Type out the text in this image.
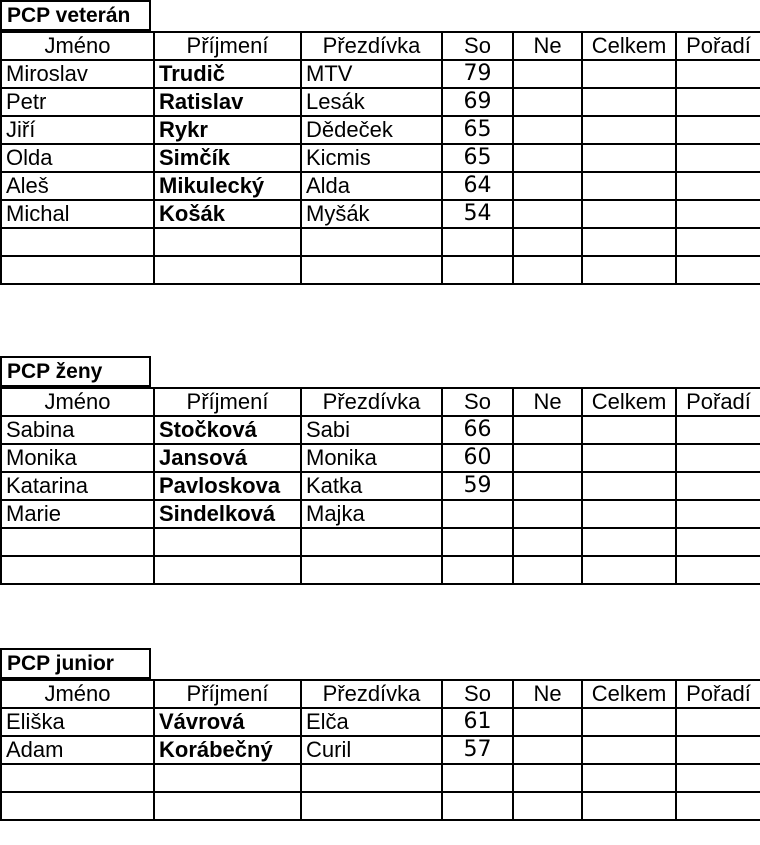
PCP veterán
Jméno	Příjmení	Přezdívka	So	Ne	Celkem	Pořadí
Miroslav	Trudič	MTV	79			
Petr	Ratislav	Lesák	69			
Jiří	Rykr	Dědeček	65			
Olda	Simčík	Kicmis	65			
Aleš	Mikulecký	Alda	64			
Michal	Košák	Myšák	54			

PCP ženy
Jméno	Příjmení	Přezdívka	So	Ne	Celkem	Pořadí
Sabina	Stočková	Sabi	66			
Monika	Jansová	Monika	60			
Katarina	Pavloskova	Katka	59			
Marie	Sindelková	Majka				

PCP junior
Jméno	Příjmení	Přezdívka	So	Ne	Celkem	Pořadí
Eliška	Vávrová	Elča	61			
Adam	Korábečný	Curil	57			
